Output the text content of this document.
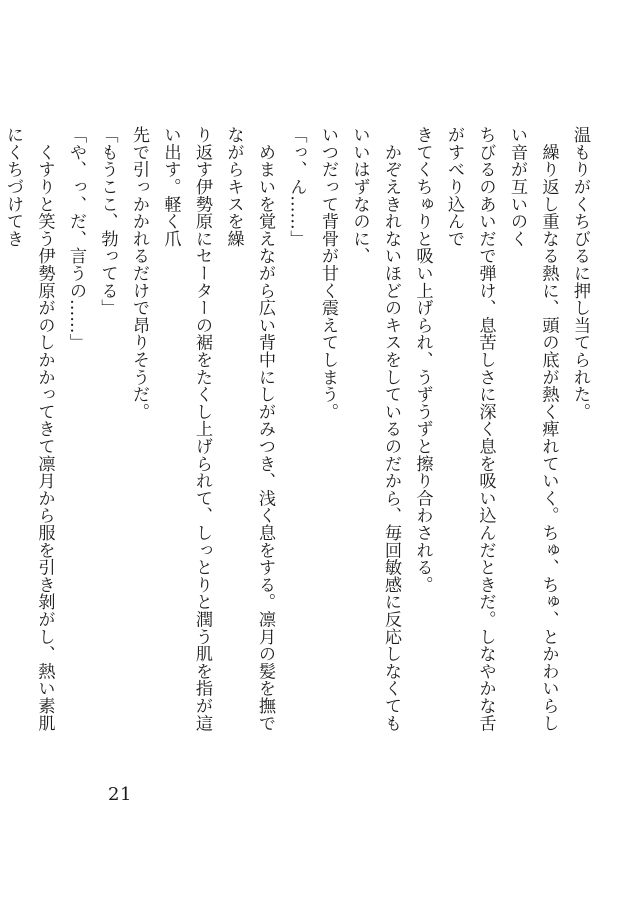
温もりがくちびるに押し当てられた。

　繰り返し重なる熱に、頭の底が熱く痺れていく。ちゅ、ちゅ、とかわいらしい音が互いのく

ちびるのあいだで弾け、息苦しさに深く息を吸い込んだときだ。しなやかな舌がすべり込んで

きてくちゅりと吸い上げられ、うずうずと擦り合わされる。

　かぞえきれないほどのキスをしているのだから、毎回敏感に反応しなくてもいいはずなのに、

いつだって背骨が甘く震えてしまう。

「っ、ん……」

　めまいを覚えながら広い背中にしがみつき、浅く息をする。凛月の髪を撫でながらキスを繰

り返す伊勢原にセーターの裾をたくし上げられて、しっとりと潤う肌を指が這い出す。軽く爪

先で引っかかれるだけで昂りそうだ。

「もうここ、勃ってる」

「や、っ、だ、言うの……」

　くすりと笑う伊勢原がのしかかってきて凛月から服を引き剝がし、熱い素肌にくちづけてき

21
